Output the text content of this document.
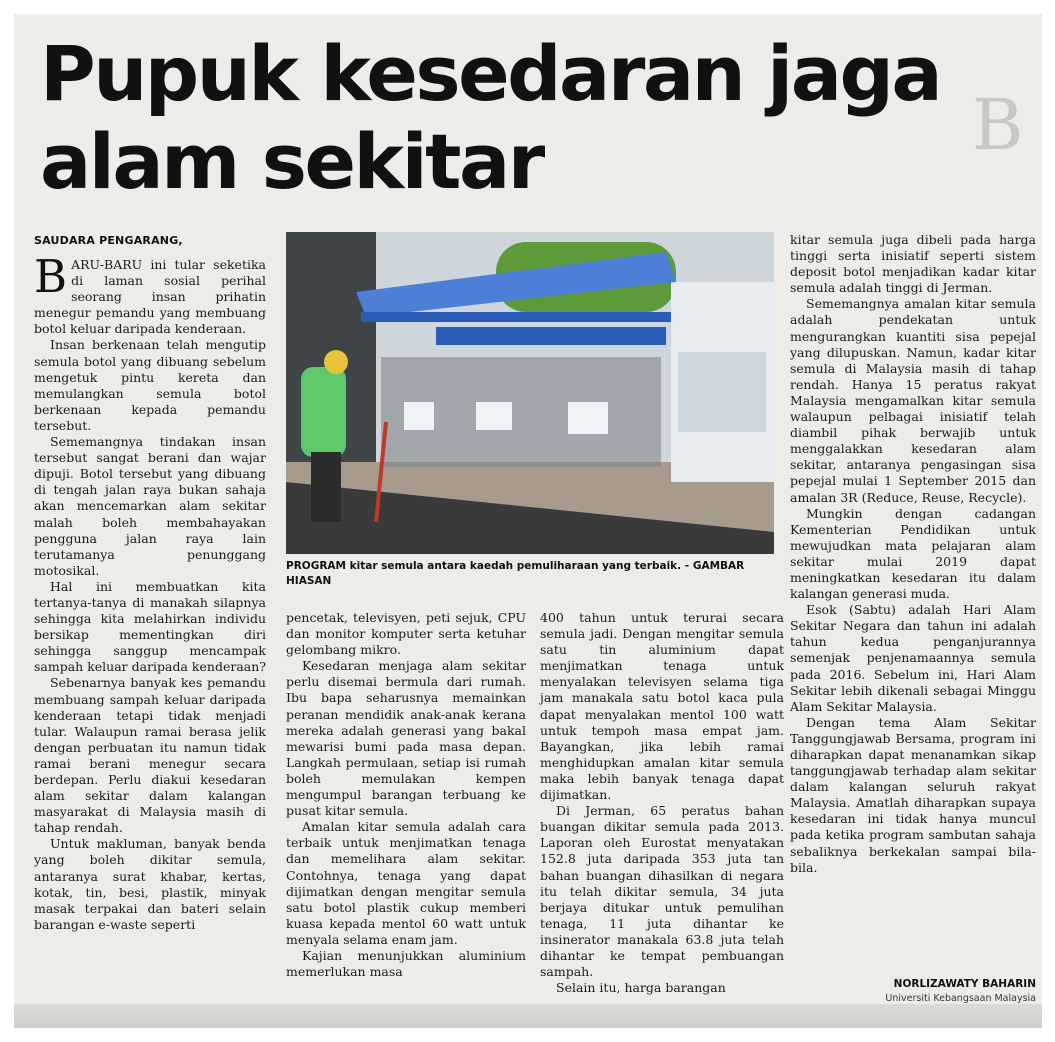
B
Pupuk kesedaran jaga alam sekitar
SAUDARA PENGARANG,

BARU-BARU ini tular seketika di laman sosial perihal seorang insan prihatin menegur pemandu yang membuang botol keluar daripada kenderaan.

Insan berkenaan telah mengutip semula botol yang dibuang sebelum mengetuk pintu kereta dan memulangkan semula botol berkenaan kepada pemandu tersebut.

Sememangnya tindakan insan tersebut sangat berani dan wajar dipuji. Botol tersebut yang dibuang di tengah jalan raya bukan sahaja akan mencemarkan alam sekitar malah boleh membahayakan pengguna jalan raya lain terutamanya penunggang motosikal.

Hal ini membuatkan kita tertanya-tanya di manakah silapnya sehingga kita melahirkan individu bersikap mementingkan diri sehingga sanggup mencampak sampah keluar daripada kenderaan?

Sebenarnya banyak kes pemandu membuang sampah keluar daripada kenderaan tetapi tidak menjadi tular. Walaupun ramai berasa jelik dengan perbuatan itu namun tidak ramai berani menegur secara berdepan. Perlu diakui kesedaran alam sekitar dalam kalangan masyarakat di Malaysia masih di tahap rendah.

Untuk makluman, banyak benda yang boleh dikitar semula, antaranya surat khabar, kertas, kotak, tin, besi, plastik, minyak masak terpakai dan bateri selain barangan e-waste seperti

PROGRAM kitar semula antara kaedah pemuliharaan yang terbaik. - GAMBAR HIASAN

pencetak, televisyen, peti sejuk, CPU dan monitor komputer serta ketuhar gelombang mikro.

Kesedaran menjaga alam sekitar perlu disemai bermula dari rumah. Ibu bapa seharusnya memainkan peranan mendidik anak-anak kerana mereka adalah generasi yang bakal mewarisi bumi pada masa depan. Langkah permulaan, setiap isi rumah boleh memulakan kempen mengumpul barangan terbuang ke pusat kitar semula.

Amalan kitar semula adalah cara terbaik untuk menjimatkan tenaga dan memelihara alam sekitar. Contohnya, tenaga yang dapat dijimatkan dengan mengitar semula satu botol plastik cukup memberi kuasa kepada mentol 60 watt untuk menyala selama enam jam.

Kajian menunjukkan aluminium memerlukan masa

400 tahun untuk terurai secara semula jadi. Dengan mengitar semula satu tin aluminium dapat menjimatkan tenaga untuk menyalakan televisyen selama tiga jam manakala satu botol kaca pula dapat menyalakan mentol 100 watt untuk tempoh masa empat jam. Bayangkan, jika lebih ramai menghidupkan amalan kitar semula maka lebih banyak tenaga dapat dijimatkan.

Di Jerman, 65 peratus bahan buangan dikitar semula pada 2013. Laporan oleh Eurostat menyatakan 152.8 juta daripada 353 juta tan bahan buangan dihasilkan di negara itu telah dikitar semula, 34 juta berjaya ditukar untuk pemulihan tenaga, 11 juta dihantar ke insinerator manakala 63.8 juta telah dihantar ke tempat pembuangan sampah.

Selain itu, harga barangan

kitar semula juga dibeli pada harga tinggi serta inisiatif seperti sistem deposit botol menjadikan kadar kitar semula adalah tinggi di Jerman.

Sememangnya amalan kitar semula adalah pendekatan untuk mengurangkan kuantiti sisa pepejal yang dilupuskan. Namun, kadar kitar semula di Malaysia masih di tahap rendah. Hanya 15 peratus rakyat Malaysia mengamalkan kitar semula walaupun pelbagai inisiatif telah diambil pihak berwajib untuk menggalakkan kesedaran alam sekitar, antaranya pengasingan sisa pepejal mulai 1 September 2015 dan amalan 3R (Reduce, Reuse, Recycle).

Mungkin dengan cadangan Kementerian Pendidikan untuk mewujudkan mata pelajaran alam sekitar mulai 2019 dapat meningkatkan kesedaran itu dalam kalangan generasi muda.

Esok (Sabtu) adalah Hari Alam Sekitar Negara dan tahun ini adalah tahun kedua penganjurannya semenjak penjenamaannya semula pada 2016. Sebelum ini, Hari Alam Sekitar lebih dikenali sebagai Minggu Alam Sekitar Malaysia.

Dengan tema Alam Sekitar Tanggungjawab Bersama, program ini diharapkan dapat menanamkan sikap tanggungjawab terhadap alam sekitar dalam kalangan seluruh rakyat Malaysia. Amatlah diharapkan supaya kesedaran ini tidak hanya muncul pada ketika program sambutan sahaja sebaliknya berkekalan sampai bila-bila.

NORLIZAWATY BAHARIN
Universiti Kebangsaan Malaysia
